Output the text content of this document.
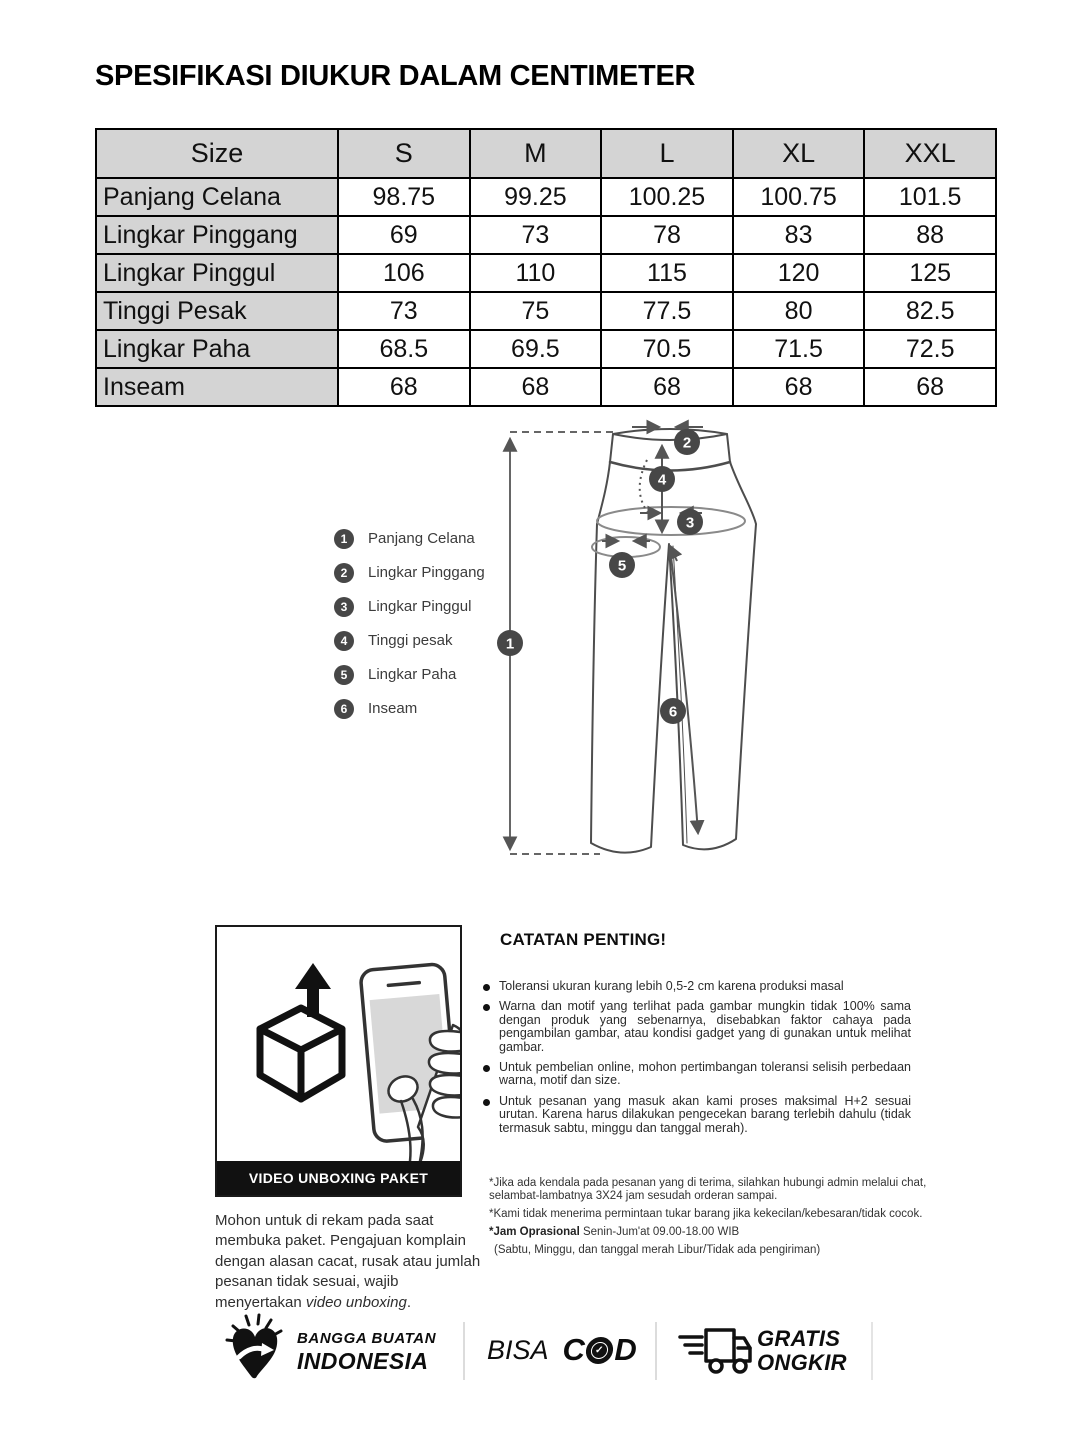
SPESIFIKASI DIUKUR DALAM CENTIMETER
Size	S	M	L	XL	XXL
Panjang Celana	98.75	99.25	100.25	100.75	101.5
Lingkar Pinggang	69	73	78	83	88
Lingkar Pinggul	106	110	115	120	125
Tinggi Pesak	73	75	77.5	80	82.5
Lingkar Paha	68.5	69.5	70.5	71.5	72.5
Inseam	68	68	68	68	68
1	Panjang Celana
2	Lingkar Pinggang
3	Lingkar Pinggul
4	Tinggi pesak
5	Lingkar Paha
6	Inseam
1
2
3
4
5
6
VIDEO UNBOXING PAKET
Mohon untuk di rekam pada saat membuka paket. Pengajuan komplain dengan alasan cacat, rusak atau jumlah pesanan tidak sesuai, wajib menyertakan video unboxing.
CATATAN PENTING!
Toleransi ukuran kurang lebih 0,5-2 cm karena produksi masal
Warna dan motif yang terlihat pada gambar mungkin tidak 100% sama dengan produk yang sebenarnya, disebabkan faktor cahaya pada pengambilan gambar, atau kondisi gadget yang di gunakan untuk melihat gambar.
Untuk pembelian online, mohon pertimbangan toleransi selisih perbedaan warna, motif dan size.
Untuk pesanan yang masuk akan kami proses maksimal H+2 sesuai urutan. Karena harus dilakukan pengecekan barang terlebih dahulu (tidak termasuk sabtu, minggu dan tanggal merah).
*Jika ada kendala pada pesanan yang di terima, silahkan hubungi admin melalui chat, selambat-lambatnya 3X24 jam sesudah orderan sampai.
*Kami tidak menerima permintaan tukar barang jika kekecilan/kebesaran/tidak cocok.
*Jam Oprasional Senin-Jum'at 09.00-18.00 WIB
(Sabtu, Minggu, dan tanggal merah Libur/Tidak ada pengiriman)
BANGGA BUATAN
INDONESIA BISA C ✓ D	GRATIS
ONGKIR
